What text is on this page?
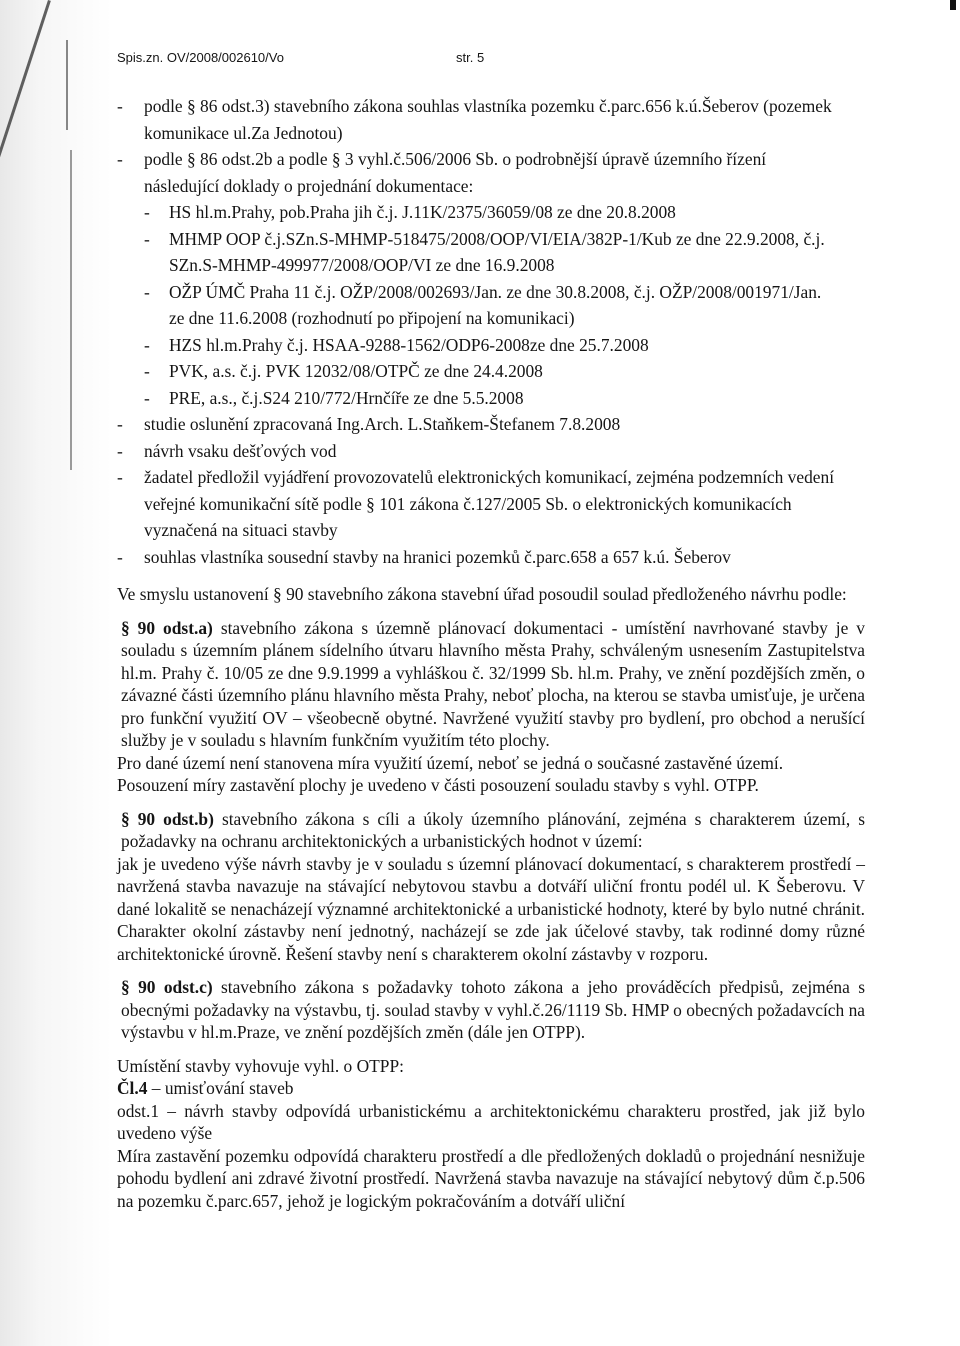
Spis.zn. OV/2008/002610/Vo	str. 5
- podle § 86 odst.3) stavebního zákona souhlas vlastníka pozemku č.parc.656 k.ú.Šeberov (pozemek komunikace ul.Za Jednotou)
- podle § 86 odst.2b a podle § 3 vyhl.č.506/2006 Sb. o podrobnější úpravě územního řízení následující doklady o projednání dokumentace:
- HS hl.m.Prahy, pob.Praha jih č.j. J.11K/2375/36059/08 ze dne 20.8.2008
- MHMP OOP č.j.SZn.S-MHMP-518475/2008/OOP/VI/EIA/382P-1/Kub ze dne 22.9.2008, č.j. SZn.S-MHMP-499977/2008/OOP/VI ze dne 16.9.2008
- OŽP ÚMČ Praha 11 č.j. OŽP/2008/002693/Jan. ze dne 30.8.2008, č.j. OŽP/2008/001971/Jan. ze dne 11.6.2008 (rozhodnutí po připojení na komunikaci)
- HZS hl.m.Prahy č.j. HSAA-9288-1562/ODP6-2008ze dne 25.7.2008
- PVK, a.s. č.j. PVK 12032/08/OTPČ ze dne 24.4.2008
- PRE, a.s., č.j.S24 210/772/Hrnčíře ze dne 5.5.2008
- studie oslunění zpracovaná Ing.Arch. L.Staňkem-Štefanem 7.8.2008
- návrh vsaku dešťových vod
- žadatel předložil vyjádření provozovatelů elektronických komunikací, zejména podzemních vedení veřejné komunikační sítě podle § 101 zákona č.127/2005 Sb. o elektronických komunikacích vyznačená na situaci stavby
- souhlas vlastníka sousední stavby na hranici pozemků č.parc.658 a 657 k.ú. Šeberov

Ve smyslu ustanovení § 90 stavebního zákona stavební úřad posoudil soulad předloženého návrhu podle:

§ 90 odst.a) stavebního zákona s územně plánovací dokumentaci - umístění navrhované stavby je v souladu s územním plánem sídelního útvaru hlavního města Prahy, schváleným usnesením Zastupitelstva hl.m. Prahy č. 10/05 ze dne 9.9.1999 a vyhláškou č. 32/1999 Sb. hl.m. Prahy, ve znění pozdějších změn, o závazné části územního plánu hlavního města Prahy, neboť plocha, na kterou se stavba umisťuje, je určena pro funkční využití OV – všeobecně obytné. Navržené využití stavby pro bydlení, pro obchod a nerušící služby je v souladu s hlavním funkčním využitím této plochy.

Pro dané území není stanovena míra využití území, neboť se jedná o současné zastavěné území.

Posouzení míry zastavění plochy je uvedeno v části posouzení souladu stavby s vyhl. OTPP.

§ 90 odst.b) stavebního zákona s cíli a úkoly územního plánování, zejména s charakterem území, s požadavky na ochranu architektonických a urbanistických hodnot v území:

jak je uvedeno výše návrh stavby je v souladu s územní plánovací dokumentací, s charakterem prostředí – navržená stavba navazuje na stávající nebytovou stavbu a dotváří uliční frontu podél ul. K Šeberovu. V dané lokalitě se nenacházejí významné architektonické a urbanistické hodnoty, které by bylo nutné chránit. Charakter okolní zástavby není jednotný, nacházejí se zde jak účelové stavby, tak rodinné domy různé architektonické úrovně. Řešení stavby není s charakterem okolní zástavby v rozporu.

§ 90 odst.c) stavebního zákona s požadavky tohoto zákona a jeho prováděcích předpisů, zejména s obecnými požadavky na výstavbu, tj. soulad stavby v vyhl.č.26/1119 Sb. HMP o obecných požadavcích na výstavbu v hl.m.Praze, ve znění pozdějších změn (dále jen OTPP).

Umístění stavby vyhovuje vyhl. o OTPP:

Čl.4 – umisťování staveb

odst.1 – návrh stavby odpovídá urbanistickému a architektonickému charakteru prostřed, jak již bylo uvedeno výše

Míra zastavění pozemku odpovídá charakteru prostředí a dle předložených dokladů o projednání nesnižuje pohodu bydlení ani zdravé životní prostředí. Navržená stavba navazuje na stávající nebytový dům č.p.506 na pozemku č.parc.657, jehož je logickým pokračováním a dotváří uliční
